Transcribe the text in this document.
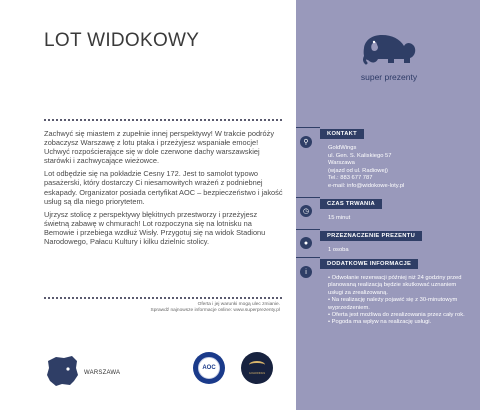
LOT WIDOKOWY

Zachwyć się miastem z zupełnie innej perspektywy! W trakcie podróży zobaczysz Warszawę z lotu ptaka i przeżyjesz wspaniałe emocje! Uchwyć rozpościerające się w dole czerwone dachy warszawskiej starówki i zachwycające wieżowce.

Lot odbędzie się na pokładzie Cesny 172. Jest to samolot typowo pasażerski, który dostarczy Ci niesamowitych wrażeń z podniebnej eskapady. Organizator posiada certyfikat AOC – bezpieczeństwo i jakość usług są dla niego priorytetem.

Ujrzysz stolicę z perspektywy błękitnych przestworzy i przeżyjesz świetną zabawę w chmurach! Lot rozpoczyna się na lotnisku na Bemowie i przebiega wzdłuż Wisły. Przygotuj się na widok Stadionu Narodowego, Pałacu Kultury i kilku dzielnic stolicy.

Oferta i jej warunki mogą ulec zmianie.
Sprawdź najnowsze informacje online: www.superprezenty.pl
WARSZAWA
AOC
GOLDWINGS
super prezenty
KONTAKT
⚲
GoldWings
ul. Gen. S. Kaliskiego 57
Warszawa
(wjazd od ul. Radiowej)
Tel.: 883 677 787
e-mail: info@widokowe-loty.pl
CZAS TRWANIA
◷
15 minut
PRZEZNACZENIE PREZENTU
●
1 osoba
DODATKOWE INFORMACJE
i
• Odwołanie rezerwacji później niż 24 godziny przed planowaną realizacją będzie skutkować uznaniem usługi za zrealizowaną.
• Na realizację należy pojawić się z 30-minutowym wyprzedzeniem.
• Oferta jest możliwa do zrealizowania przez cały rok.
• Pogoda ma wpływ na realizację usługi.
